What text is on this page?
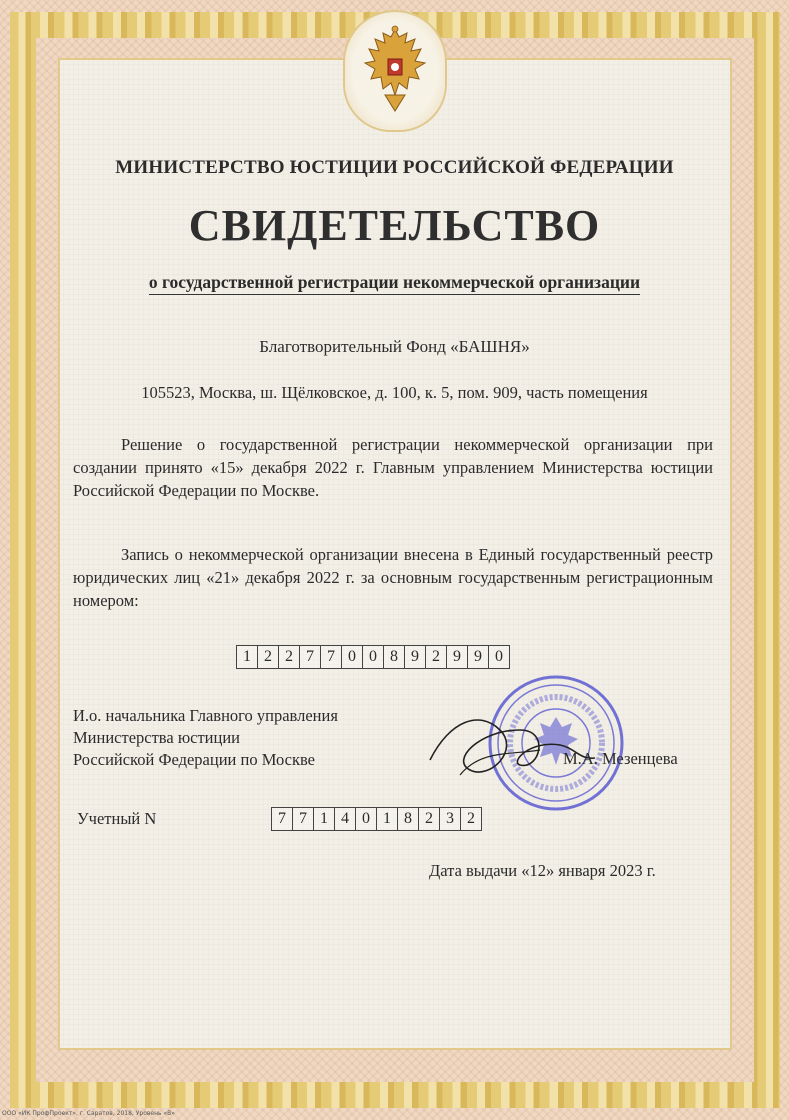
МИНИСТЕРСТВО ЮСТИЦИИ РОССИЙСКОЙ ФЕДЕРАЦИИ
СВИДЕТЕЛЬСТВО
о государственной регистрации некоммерческой организации
Благотворительный Фонд «БАШНЯ»
105523, Москва, ш. Щёлковское, д. 100, к. 5, пом. 909, часть помещения
Решение о государственной регистрации некоммерческой организации при создании принято «15» декабря 2022 г. Главным управлением Министерства юстиции Российской Федерации по Москве.
Запись о некоммерческой организации внесена в Единый государственный реестр юридических лиц «21» декабря 2022 г. за основным государственным регистрационным номером:
1 2 2 7 7 0 0 8 9 2 9 9 0
И.о. начальника Главного управления
Министерства юстиции
Российской Федерации по Москве	М.А. Мезенцева
Учетный N	7 7 1 4 0 1 8 2 3 2
Дата выдачи «12» января 2023 г.
ООО «ИК ПрофПроект», г. Саратов, 2018, Уровень «В»
